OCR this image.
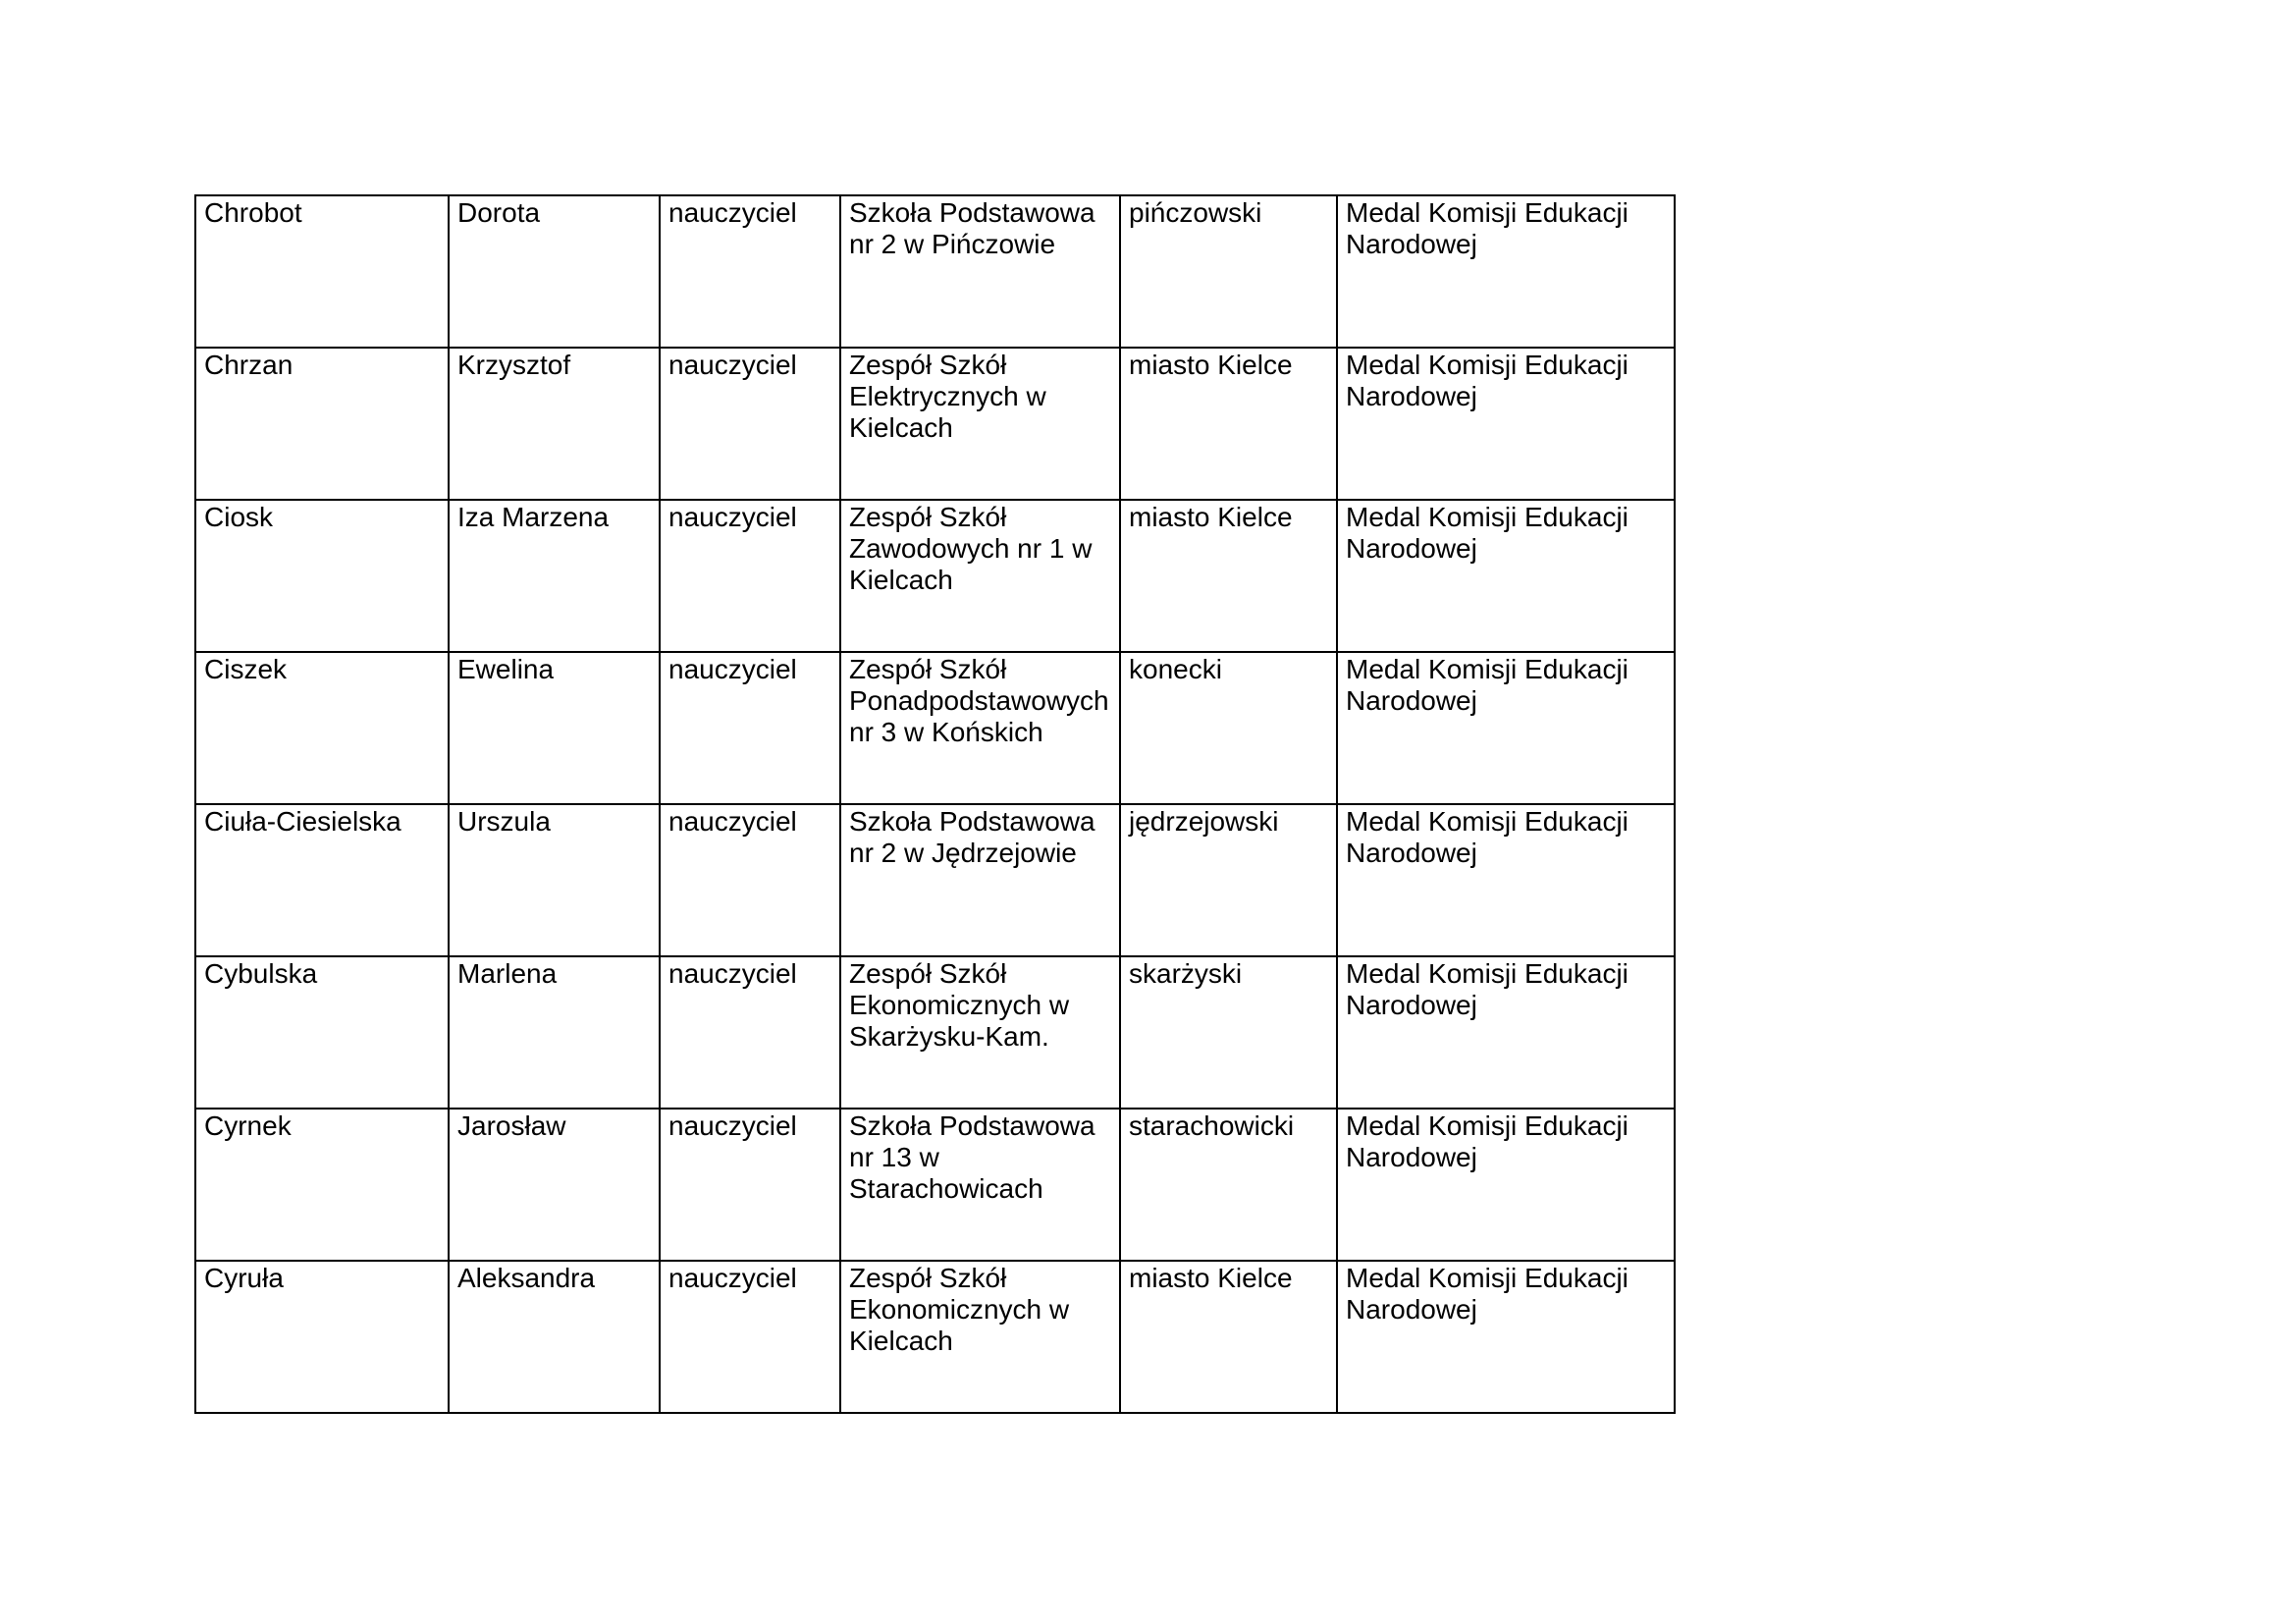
Chrobot	Dorota	nauczyciel	Szkoła Podstawowa nr 2 w Pińczowie	pińczowski	Medal Komisji Edukacji Narodowej
Chrzan	Krzysztof	nauczyciel	Zespół Szkół Elektrycznych w Kielcach	miasto Kielce	Medal Komisji Edukacji Narodowej
Ciosk	Iza Marzena	nauczyciel	Zespół Szkół Zawodowych nr 1 w Kielcach	miasto Kielce	Medal Komisji Edukacji Narodowej
Ciszek	Ewelina	nauczyciel	Zespół Szkół Ponadpodstawowych nr 3 w Końskich	konecki	Medal Komisji Edukacji Narodowej
Ciuła-Ciesielska	Urszula	nauczyciel	Szkoła Podstawowa nr 2 w Jędrzejowie	jędrzejowski	Medal Komisji Edukacji Narodowej
Cybulska	Marlena	nauczyciel	Zespół Szkół Ekonomicznych w Skarżysku-Kam.	skarżyski	Medal Komisji Edukacji Narodowej
Cyrnek	Jarosław	nauczyciel	Szkoła Podstawowa nr 13 w Starachowicach	starachowicki	Medal Komisji Edukacji Narodowej
Cyruła	Aleksandra	nauczyciel	Zespół Szkół Ekonomicznych w Kielcach	miasto Kielce	Medal Komisji Edukacji Narodowej
